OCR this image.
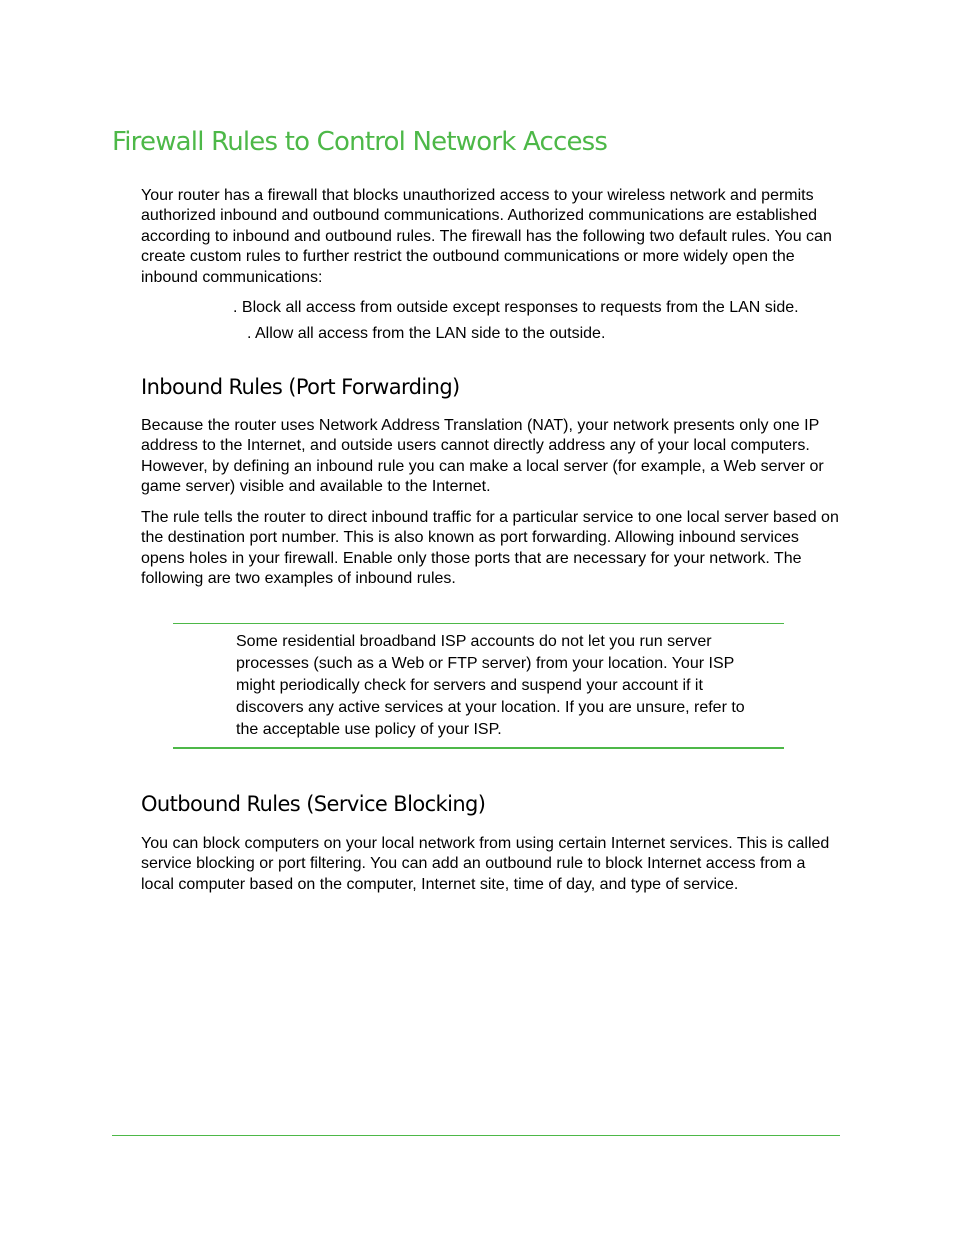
Firewall Rules to Control Network Access

Your router has a firewall that blocks unauthorized access to your wireless network and permits authorized inbound and outbound communications. Authorized communications are established according to inbound and outbound rules. The firewall has the following two default rules. You can create custom rules to further restrict the outbound communications or more widely open the inbound communications:

. Block all access from outside except responses to requests from the LAN side.
. Allow all access from the LAN side to the outside.
Inbound Rules (Port Forwarding)

Because the router uses Network Address Translation (NAT), your network presents only one IP address to the Internet, and outside users cannot directly address any of your local computers. However, by defining an inbound rule you can make a local server (for example, a Web server or game server) visible and available to the Internet.

The rule tells the router to direct inbound traffic for a particular service to one local server based on the destination port number. This is also known as port forwarding. Allowing inbound services opens holes in your firewall. Enable only those ports that are necessary for your network. The following are two examples of inbound rules.

Some residential broadband ISP accounts do not let you run server processes (such as a Web or FTP server) from your location. Your ISP might periodically check for servers and suspend your account if it discovers any active services at your location. If you are unsure, refer to the acceptable use policy of your ISP.

Outbound Rules (Service Blocking)

You can block computers on your local network from using certain Internet services. This is called service blocking or port filtering. You can add an outbound rule to block Internet access from a local computer based on the computer, Internet site, time of day, and type of service.
